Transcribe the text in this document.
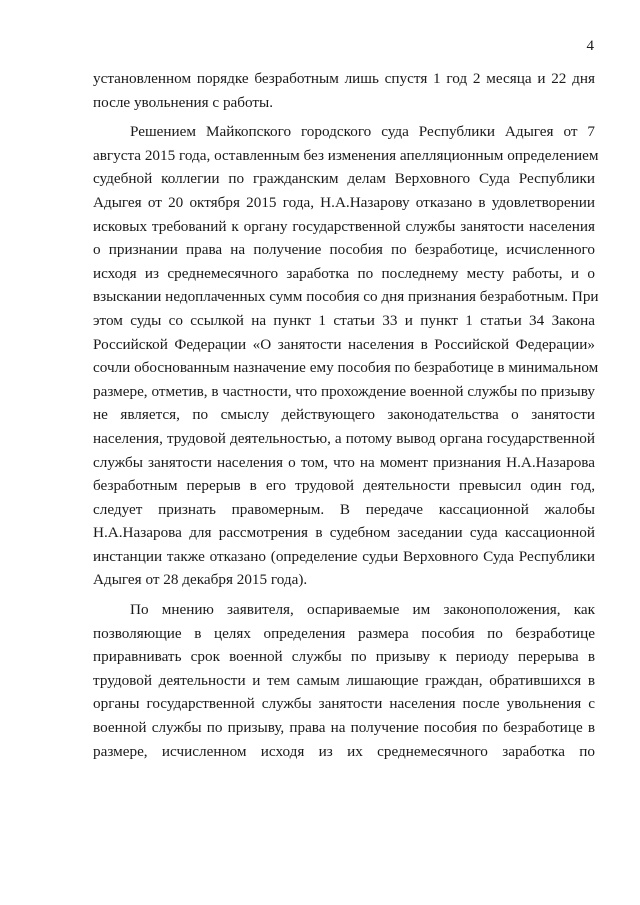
4
установленном порядке безработным лишь спустя 1 год 2 месяца и 22 дня
после увольнения с работы.
Решением Майкопского городского суда Республики Адыгея от 7
августа 2015 года, оставленным без изменения апелляционным определением
судебной коллегии по гражданским делам Верховного Суда Республики
Адыгея от 20 октября 2015 года, Н.А.Назарову отказано в удовлетворении
исковых требований к органу государственной службы занятости населения
о признании права на получение пособия по безработице, исчисленного
исходя из среднемесячного заработка по последнему месту работы, и о
взыскании недоплаченных сумм пособия со дня признания безработным. При
этом суды со ссылкой на пункт 1 статьи 33 и пункт 1 статьи 34 Закона
Российской Федерации «О занятости населения в Российской Федерации»
сочли обоснованным назначение ему пособия по безработице в минимальном
размере, отметив, в частности, что прохождение военной службы по призыву
не является, по смыслу действующего законодательства о занятости
населения, трудовой деятельностью, а потому вывод органа государственной
службы занятости населения о том, что на момент признания Н.А.Назарова
безработным перерыв в его трудовой деятельности превысил один год,
следует признать правомерным. В передаче кассационной жалобы
Н.А.Назарова для рассмотрения в судебном заседании суда кассационной
инстанции также отказано (определение судьи Верховного Суда Республики
Адыгея от 28 декабря 2015 года).
По мнению заявителя, оспариваемые им законоположения, как
позволяющие в целях определения размера пособия по безработице
приравнивать срок военной службы по призыву к периоду перерыва в
трудовой деятельности и тем самым лишающие граждан, обратившихся в
органы государственной службы занятости населения после увольнения с
военной службы по призыву, права на получение пособия по безработице в
размере, исчисленном исходя из их среднемесячного заработка по
